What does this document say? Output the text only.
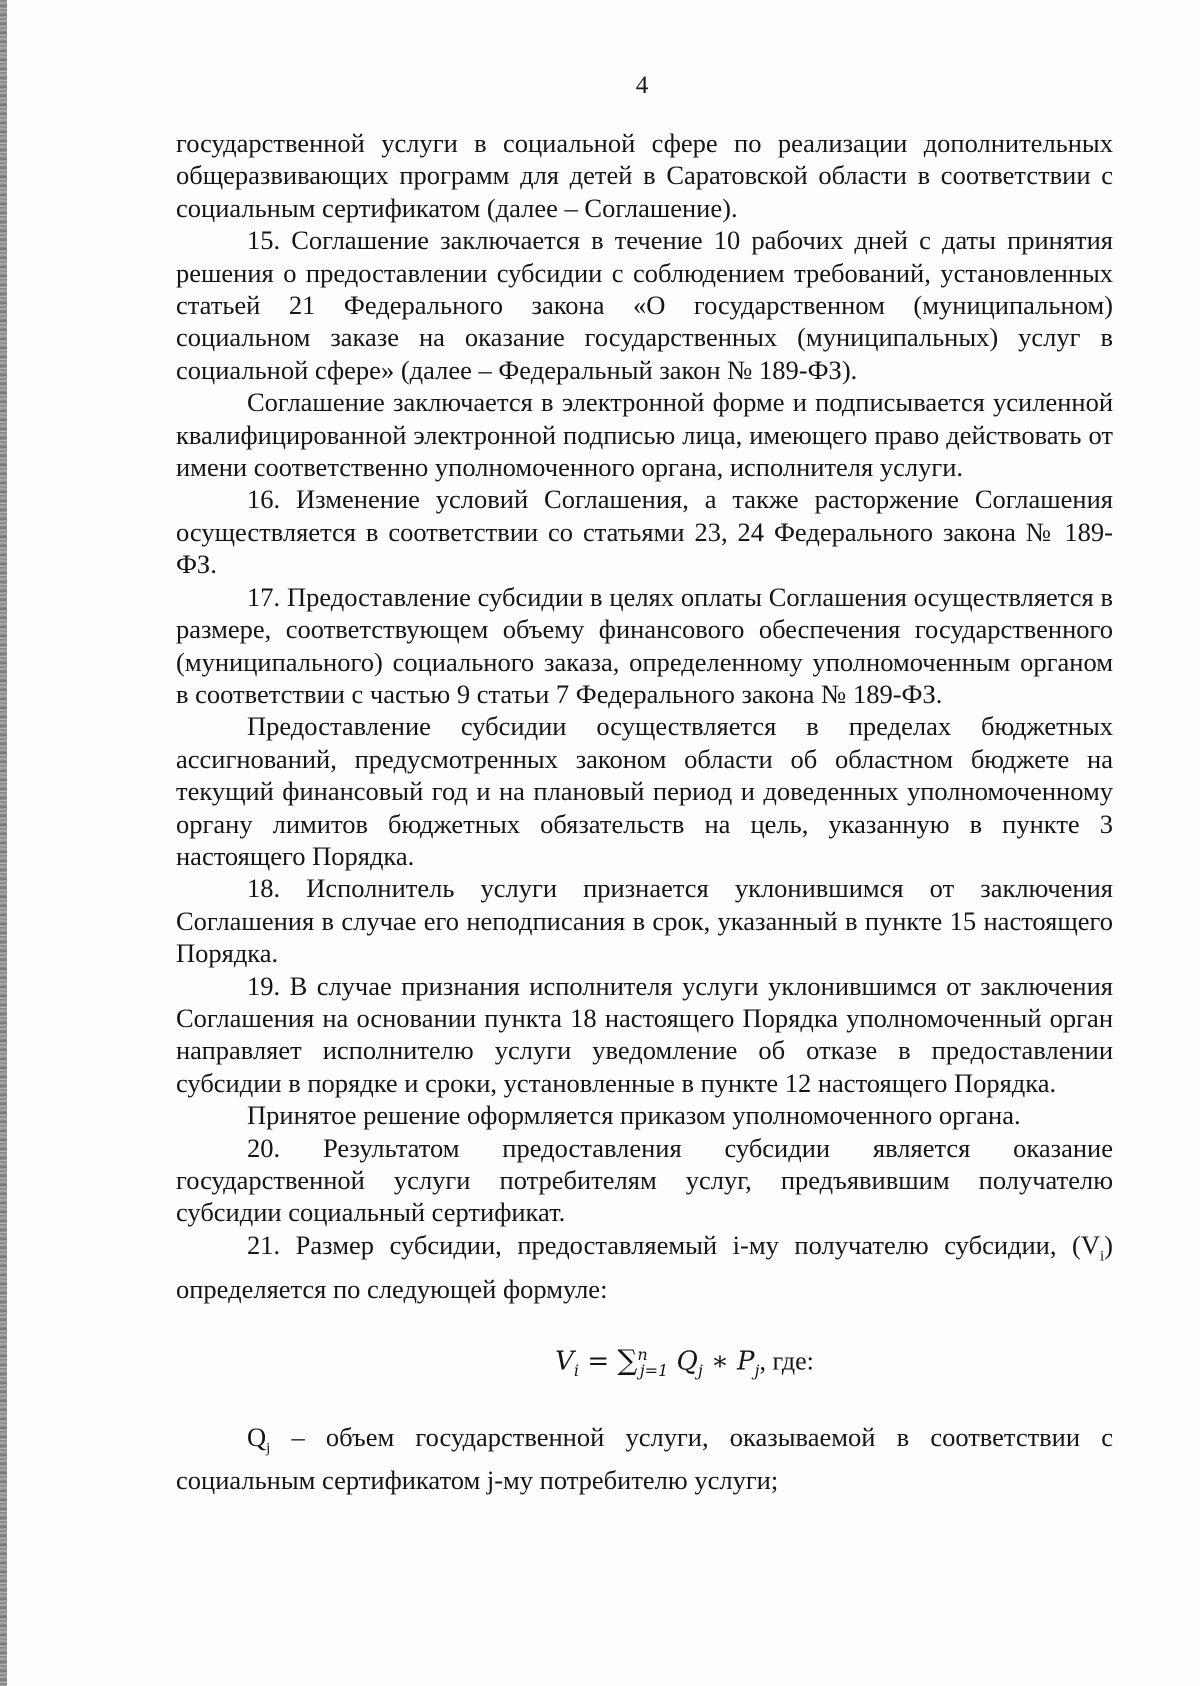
4

государственной услуги в социальной сфере по реализации дополнительных общеразвивающих программ для детей в Саратовской области в соответствии с социальным сертификатом (далее – Соглашение).

15. Соглашение заключается в течение 10 рабочих дней с даты принятия решения о предоставлении субсидии с соблюдением требований, установленных статьей 21 Федерального закона «О государственном (муниципальном) социальном заказе на оказание государственных (муниципальных) услуг в социальной сфере» (далее – Федеральный закон № 189-ФЗ).

Соглашение заключается в электронной форме и подписывается усиленной квалифицированной электронной подписью лица, имеющего право действовать от имени соответственно уполномоченного органа, исполнителя услуги.

16. Изменение условий Соглашения, а также расторжение Соглашения осуществляется в соответствии со статьями 23, 24 Федерального закона № 189-ФЗ.

17. Предоставление субсидии в целях оплаты Соглашения осуществляется в размере, соответствующем объему финансового обеспечения государственного (муниципального) социального заказа, определенному уполномоченным органом в соответствии с частью 9 статьи 7 Федерального закона № 189-ФЗ.

Предоставление субсидии осуществляется в пределах бюджетных ассигнований, предусмотренных законом области об областном бюджете на текущий финансовый год и на плановый период и доведенных уполномоченному органу лимитов бюджетных обязательств на цель, указанную в пункте 3 настоящего Порядка.

18. Исполнитель услуги признается уклонившимся от заключения Соглашения в случае его неподписания в срок, указанный в пункте 15 настоящего Порядка.

19. В случае признания исполнителя услуги уклонившимся от заключения Соглашения на основании пункта 18 настоящего Порядка уполномоченный орган направляет исполнителю услуги уведомление об отказе в предоставлении субсидии в порядке и сроки, установленные в пункте 12 настоящего Порядка.

Принятое решение оформляется приказом уполномоченного органа.

20. Результатом предоставления субсидии является оказание государственной услуги потребителям услуг, предъявившим получателю субсидии социальный сертификат.

21. Размер субсидии, предоставляемый i-му получателю субсидии, $(V_i)$ определяется по следующей формуле:

$V_i = \sum^n_{j=1}$ $Q_j$ ∗ $P_j$, где:

$Q_j$ – объем государственной услуги, оказываемой в соответствии с социальным сертификатом j-му потребителю услуги;
